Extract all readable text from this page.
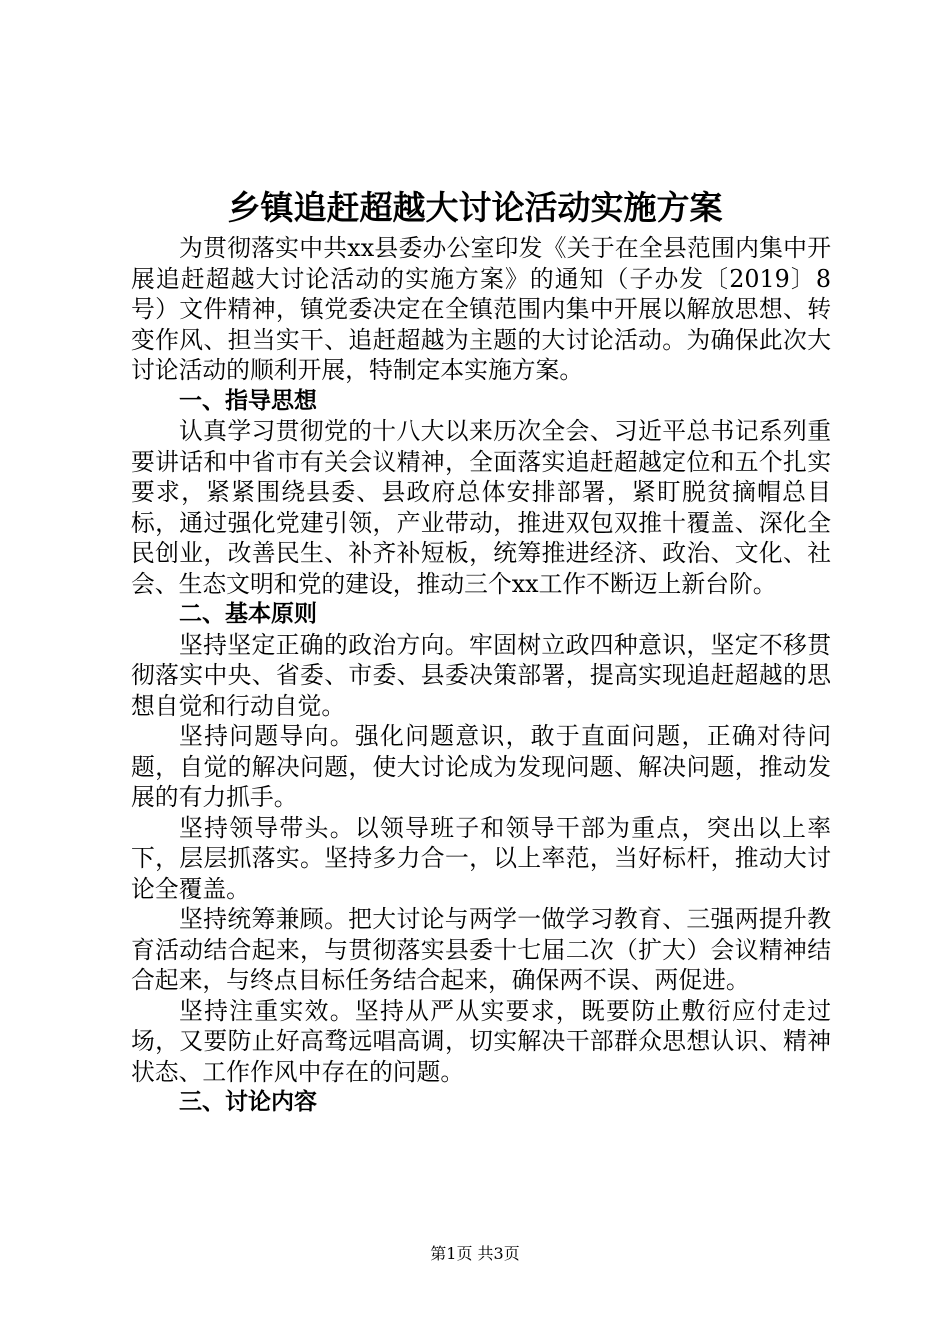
乡镇追赶超越大讨论活动实施方案

为贯彻落实中共xx县委办公室印发《关于在全县范围内集中开展追赶超越大讨论活动的实施方案》的通知（子办发〔2019〕8号）文件精神，镇党委决定在全镇范围内集中开展以解放思想、转变作风、担当实干、追赶超越为主题的大讨论活动。为确保此次大讨论活动的顺利开展，特制定本实施方案。

一、指导思想

认真学习贯彻党的十八大以来历次全会、习近平总书记系列重要讲话和中省市有关会议精神，全面落实追赶超越定位和五个扎实要求，紧紧围绕县委、县政府总体安排部署，紧盯脱贫摘帽总目标，通过强化党建引领，产业带动，推进双包双推十覆盖、深化全民创业，改善民生、补齐补短板，统筹推进经济、政治、文化、社会、生态文明和党的建设，推动三个xx工作不断迈上新台阶。

二、基本原则

坚持坚定正确的政治方向。牢固树立政四种意识，坚定不移贯彻落实中央、省委、市委、县委决策部署，提高实现追赶超越的思想自觉和行动自觉。

坚持问题导向。强化问题意识，敢于直面问题，正确对待问题，自觉的解决问题，使大讨论成为发现问题、解决问题，推动发展的有力抓手。

坚持领导带头。以领导班子和领导干部为重点，突出以上率下，层层抓落实。坚持多力合一，以上率范，当好标杆，推动大讨论全覆盖。

坚持统筹兼顾。把大讨论与两学一做学习教育、三强两提升教育活动结合起来，与贯彻落实县委十七届二次（扩大）会议精神结合起来，与终点目标任务结合起来，确保两不误、两促进。

坚持注重实效。坚持从严从实要求，既要防止敷衍应付走过场，又要防止好高骛远唱高调，切实解决干部群众思想认识、精神状态、工作作风中存在的问题。

三、讨论内容
第1页 共3页
